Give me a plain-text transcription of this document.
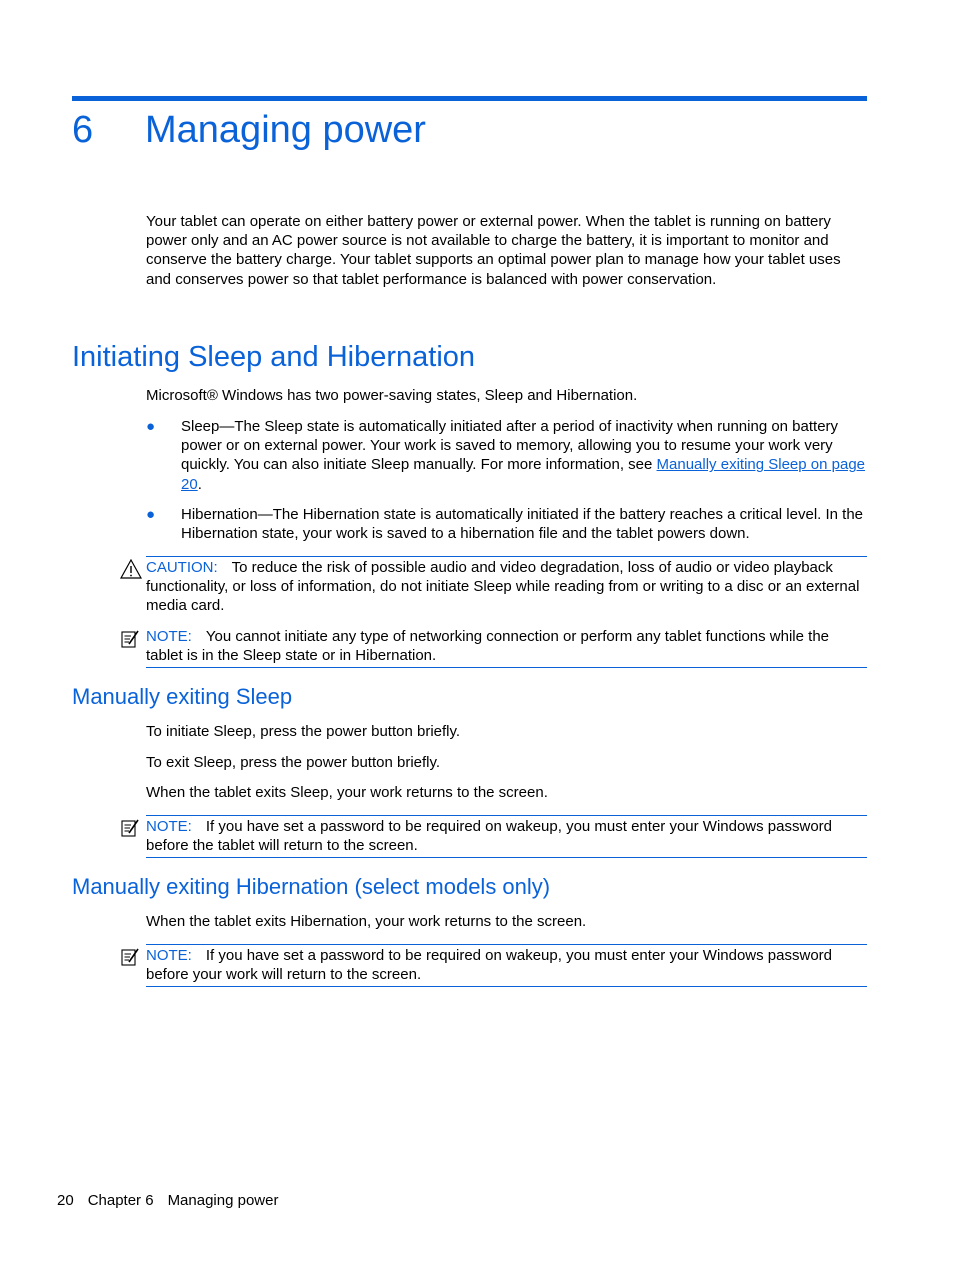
6 Managing power

Your tablet can operate on either battery power or external power. When the tablet is running on battery power only and an AC power source is not available to charge the battery, it is important to monitor and conserve the battery charge. Your tablet supports an optimal power plan to manage how your tablet uses and conserves power so that tablet performance is balanced with power conservation.

Initiating Sleep and Hibernation

Microsoft® Windows has two power-saving states, Sleep and Hibernation.

● Sleep—The Sleep state is automatically initiated after a period of inactivity when running on battery power or on external power. Your work is saved to memory, allowing you to resume your work very quickly. You can also initiate Sleep manually. For more information, see Manually exiting Sleep on page 20.
● Hibernation—The Hibernation state is automatically initiated if the battery reaches a critical level. In the Hibernation state, your work is saved to a hibernation file and the tablet powers down.
CAUTION: To reduce the risk of possible audio and video degradation, loss of audio or video playback functionality, or loss of information, do not initiate Sleep while reading from or writing to a disc or an external media card.
NOTE: You cannot initiate any type of networking connection or perform any tablet functions while the tablet is in the Sleep state or in Hibernation.
Manually exiting Sleep

To initiate Sleep, press the power button briefly.

To exit Sleep, press the power button briefly.

When the tablet exits Sleep, your work returns to the screen.

NOTE: If you have set a password to be required on wakeup, you must enter your Windows password before the tablet will return to the screen.
Manually exiting Hibernation (select models only)

When the tablet exits Hibernation, your work returns to the screen.

NOTE: If you have set a password to be required on wakeup, you must enter your Windows password before your work will return to the screen.
20 Chapter 6 Managing power
